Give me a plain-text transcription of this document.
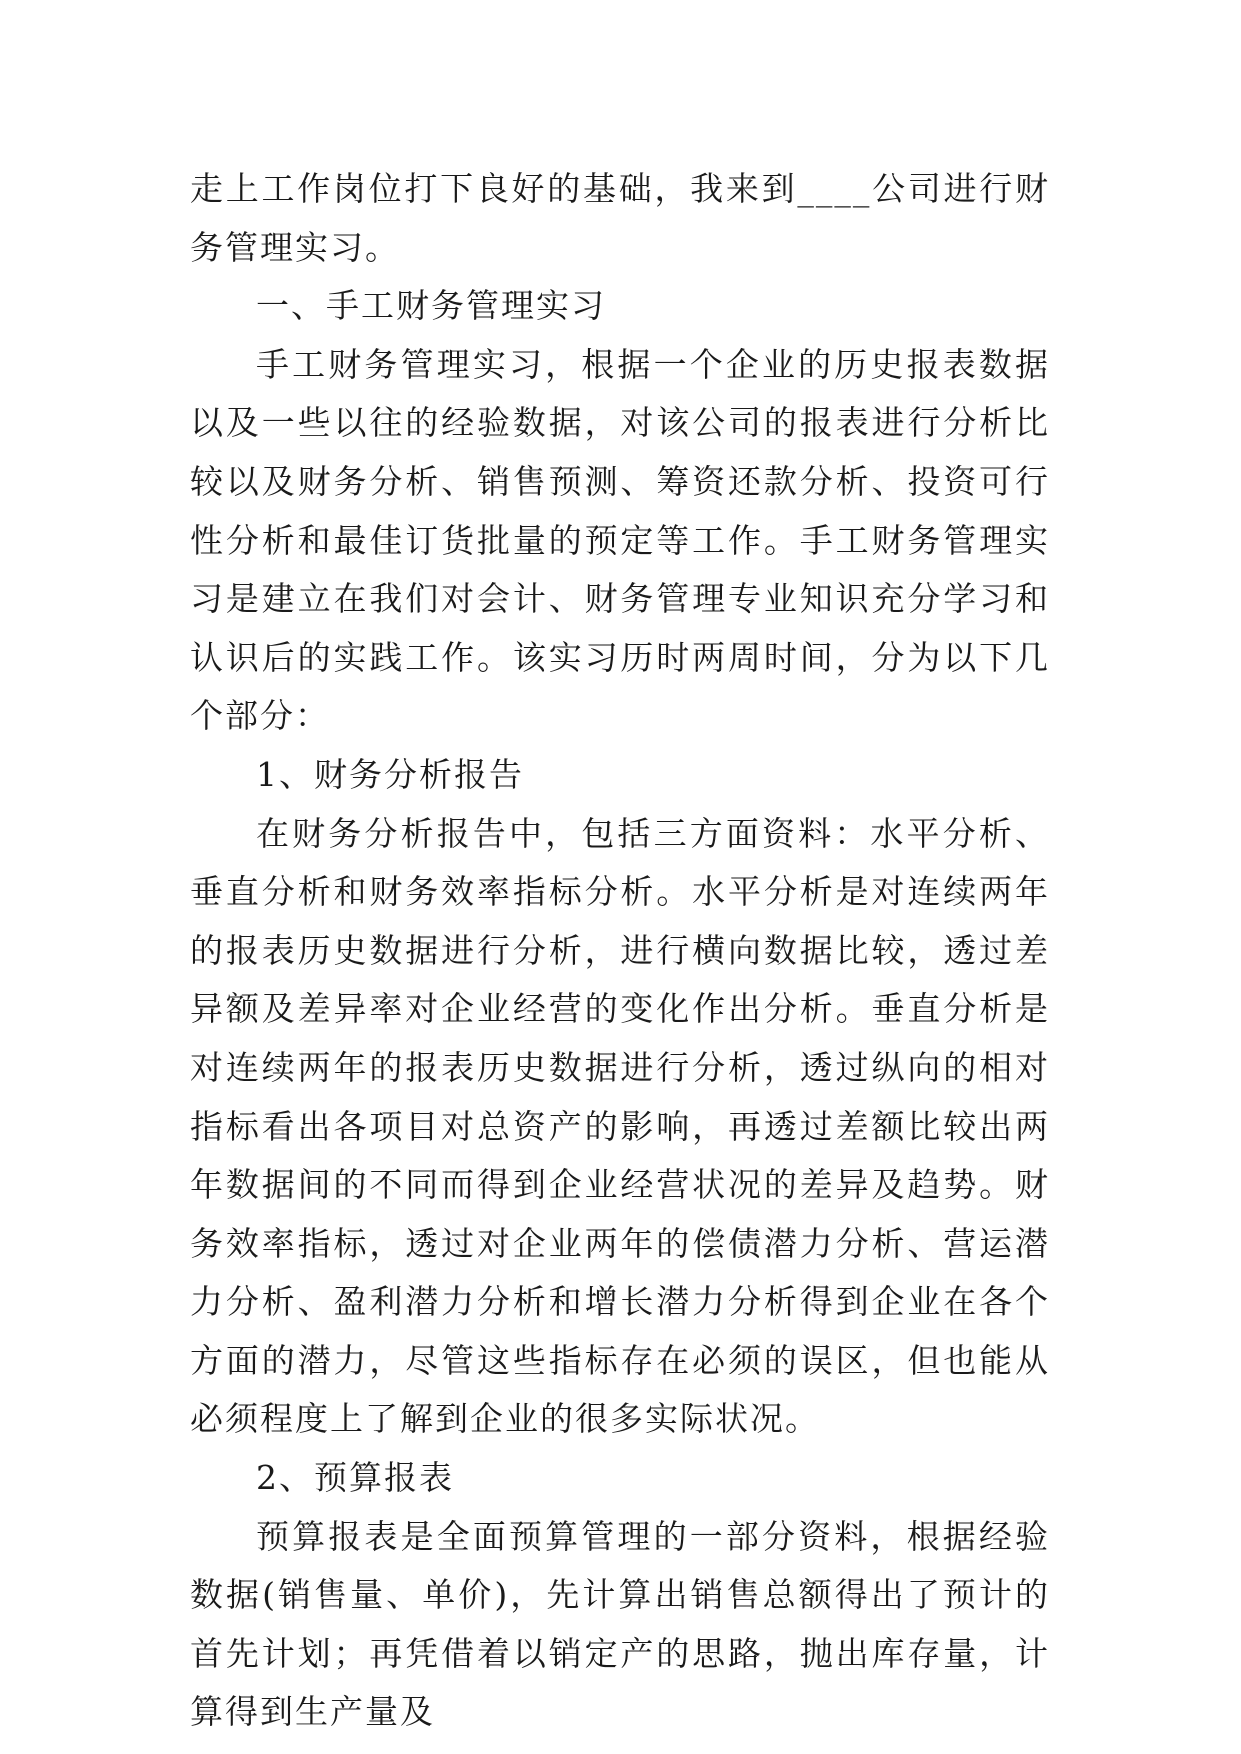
走上工作岗位打下良好的基础，我来到____公司进行财务管理实习。

一、手工财务管理实习

手工财务管理实习，根据一个企业的历史报表数据以及一些以往的经验数据，对该公司的报表进行分析比较以及财务分析、销售预测、筹资还款分析、投资可行性分析和最佳订货批量的预定等工作。手工财务管理实习是建立在我们对会计、财务管理专业知识充分学习和认识后的实践工作。该实习历时两周时间，分为以下几个部分：

1、财务分析报告

在财务分析报告中，包括三方面资料：水平分析、垂直分析和财务效率指标分析。水平分析是对连续两年的报表历史数据进行分析，进行横向数据比较，透过差异额及差异率对企业经营的变化作出分析。垂直分析是对连续两年的报表历史数据进行分析，透过纵向的相对指标看出各项目对总资产的影响，再透过差额比较出两年数据间的不同而得到企业经营状况的差异及趋势。财务效率指标，透过对企业两年的偿债潜力分析、营运潜力分析、盈利潜力分析和增长潜力分析得到企业在各个方面的潜力，尽管这些指标存在必须的误区，但也能从必须程度上了解到企业的很多实际状况。

2、预算报表

预算报表是全面预算管理的一部分资料，根据经验数据(销售量、单价)，先计算出销售总额得出了预计的首先计划；再凭借着以销定产的思路，抛出库存量，计算得到生产量及
